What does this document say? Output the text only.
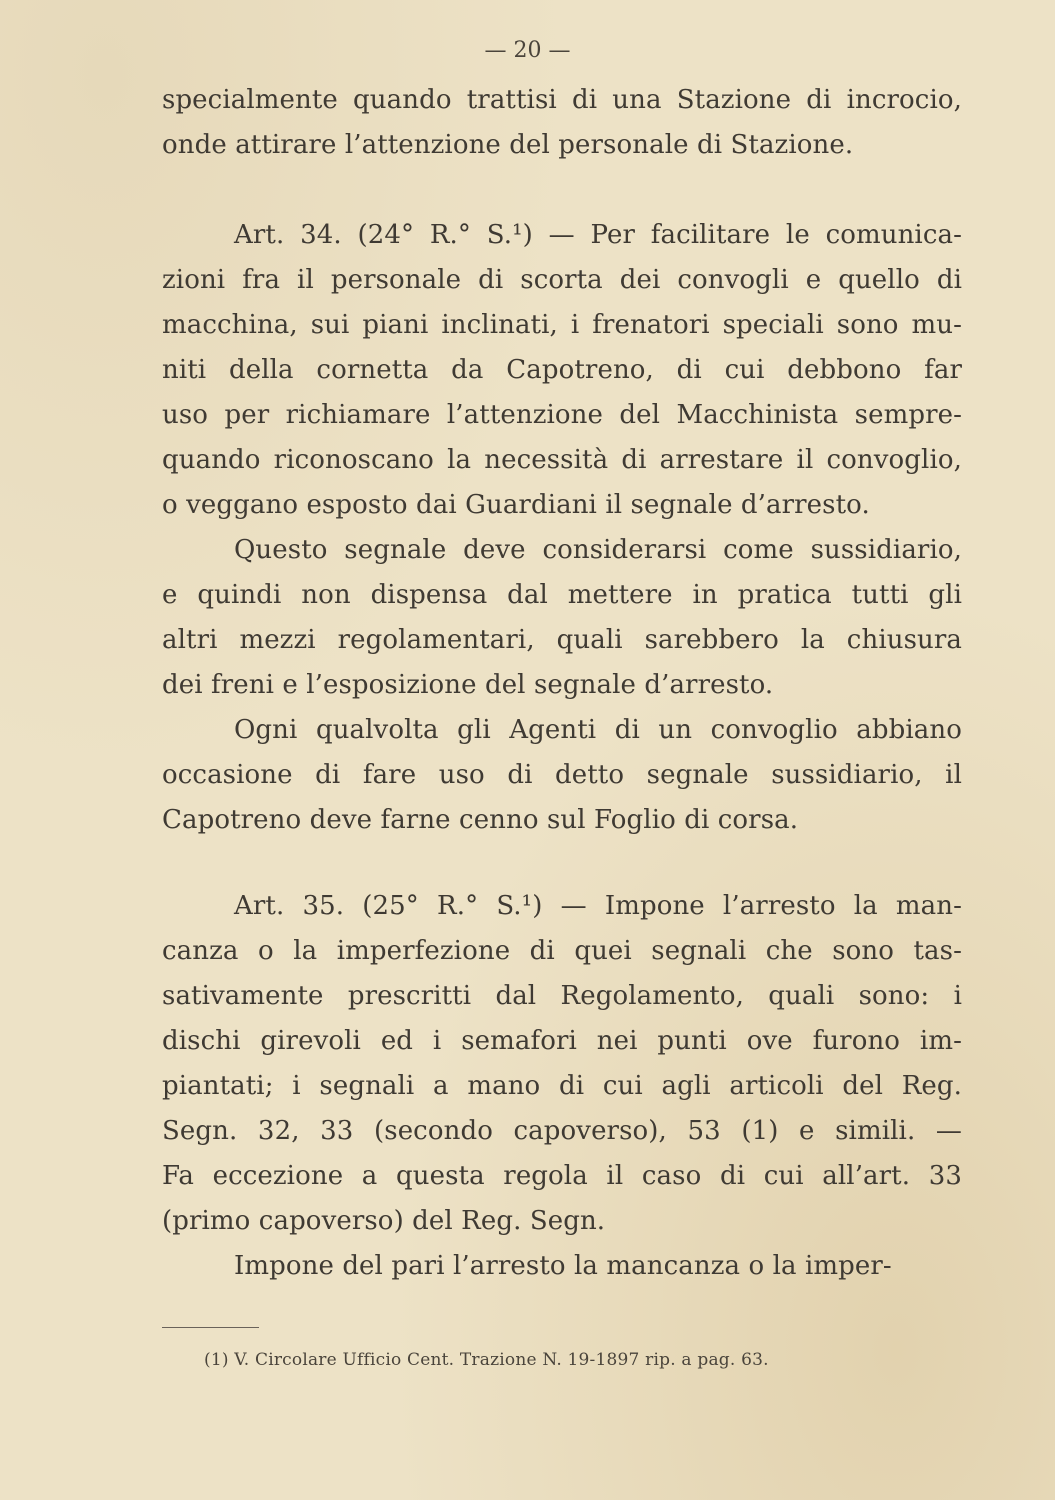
— 20 —
specialmente quando trattisi di una Stazione di incrocio,
onde attirare l’attenzione del personale di Stazione.
Art. 34. (24° R.° S.¹) — Per facilitare le comunica-
zioni fra il personale di scorta dei convogli e quello di
macchina, sui piani inclinati, i frenatori speciali sono mu-
niti della cornetta da Capotreno, di cui debbono far
uso per richiamare l’attenzione del Macchinista sempre-
quando riconoscano la necessità di arrestare il convoglio,
o veggano esposto dai Guardiani il segnale d’arresto.
Questo segnale deve considerarsi come sussidiario,
e quindi non dispensa dal mettere in pratica tutti gli
altri mezzi regolamentari, quali sarebbero la chiusura
dei freni e l’esposizione del segnale d’arresto.
Ogni qualvolta gli Agenti di un convoglio abbiano
occasione di fare uso di detto segnale sussidiario, il
Capotreno deve farne cenno sul Foglio di corsa.
Art. 35. (25° R.° S.¹) — Impone l’arresto la man-
canza o la imperfezione di quei segnali che sono tas-
sativamente prescritti dal Regolamento, quali sono: i
dischi girevoli ed i semafori nei punti ove furono im-
piantati; i segnali a mano di cui agli articoli del Reg.
Segn. 32, 33 (secondo capoverso), 53 (1) e simili. —
Fa eccezione a questa regola il caso di cui all’art. 33
(primo capoverso) del Reg. Segn.
Impone del pari l’arresto la mancanza o la imper-
(1) V. Circolare Ufficio Cent. Trazione N. 19-1897 rip. a pag. 63.
